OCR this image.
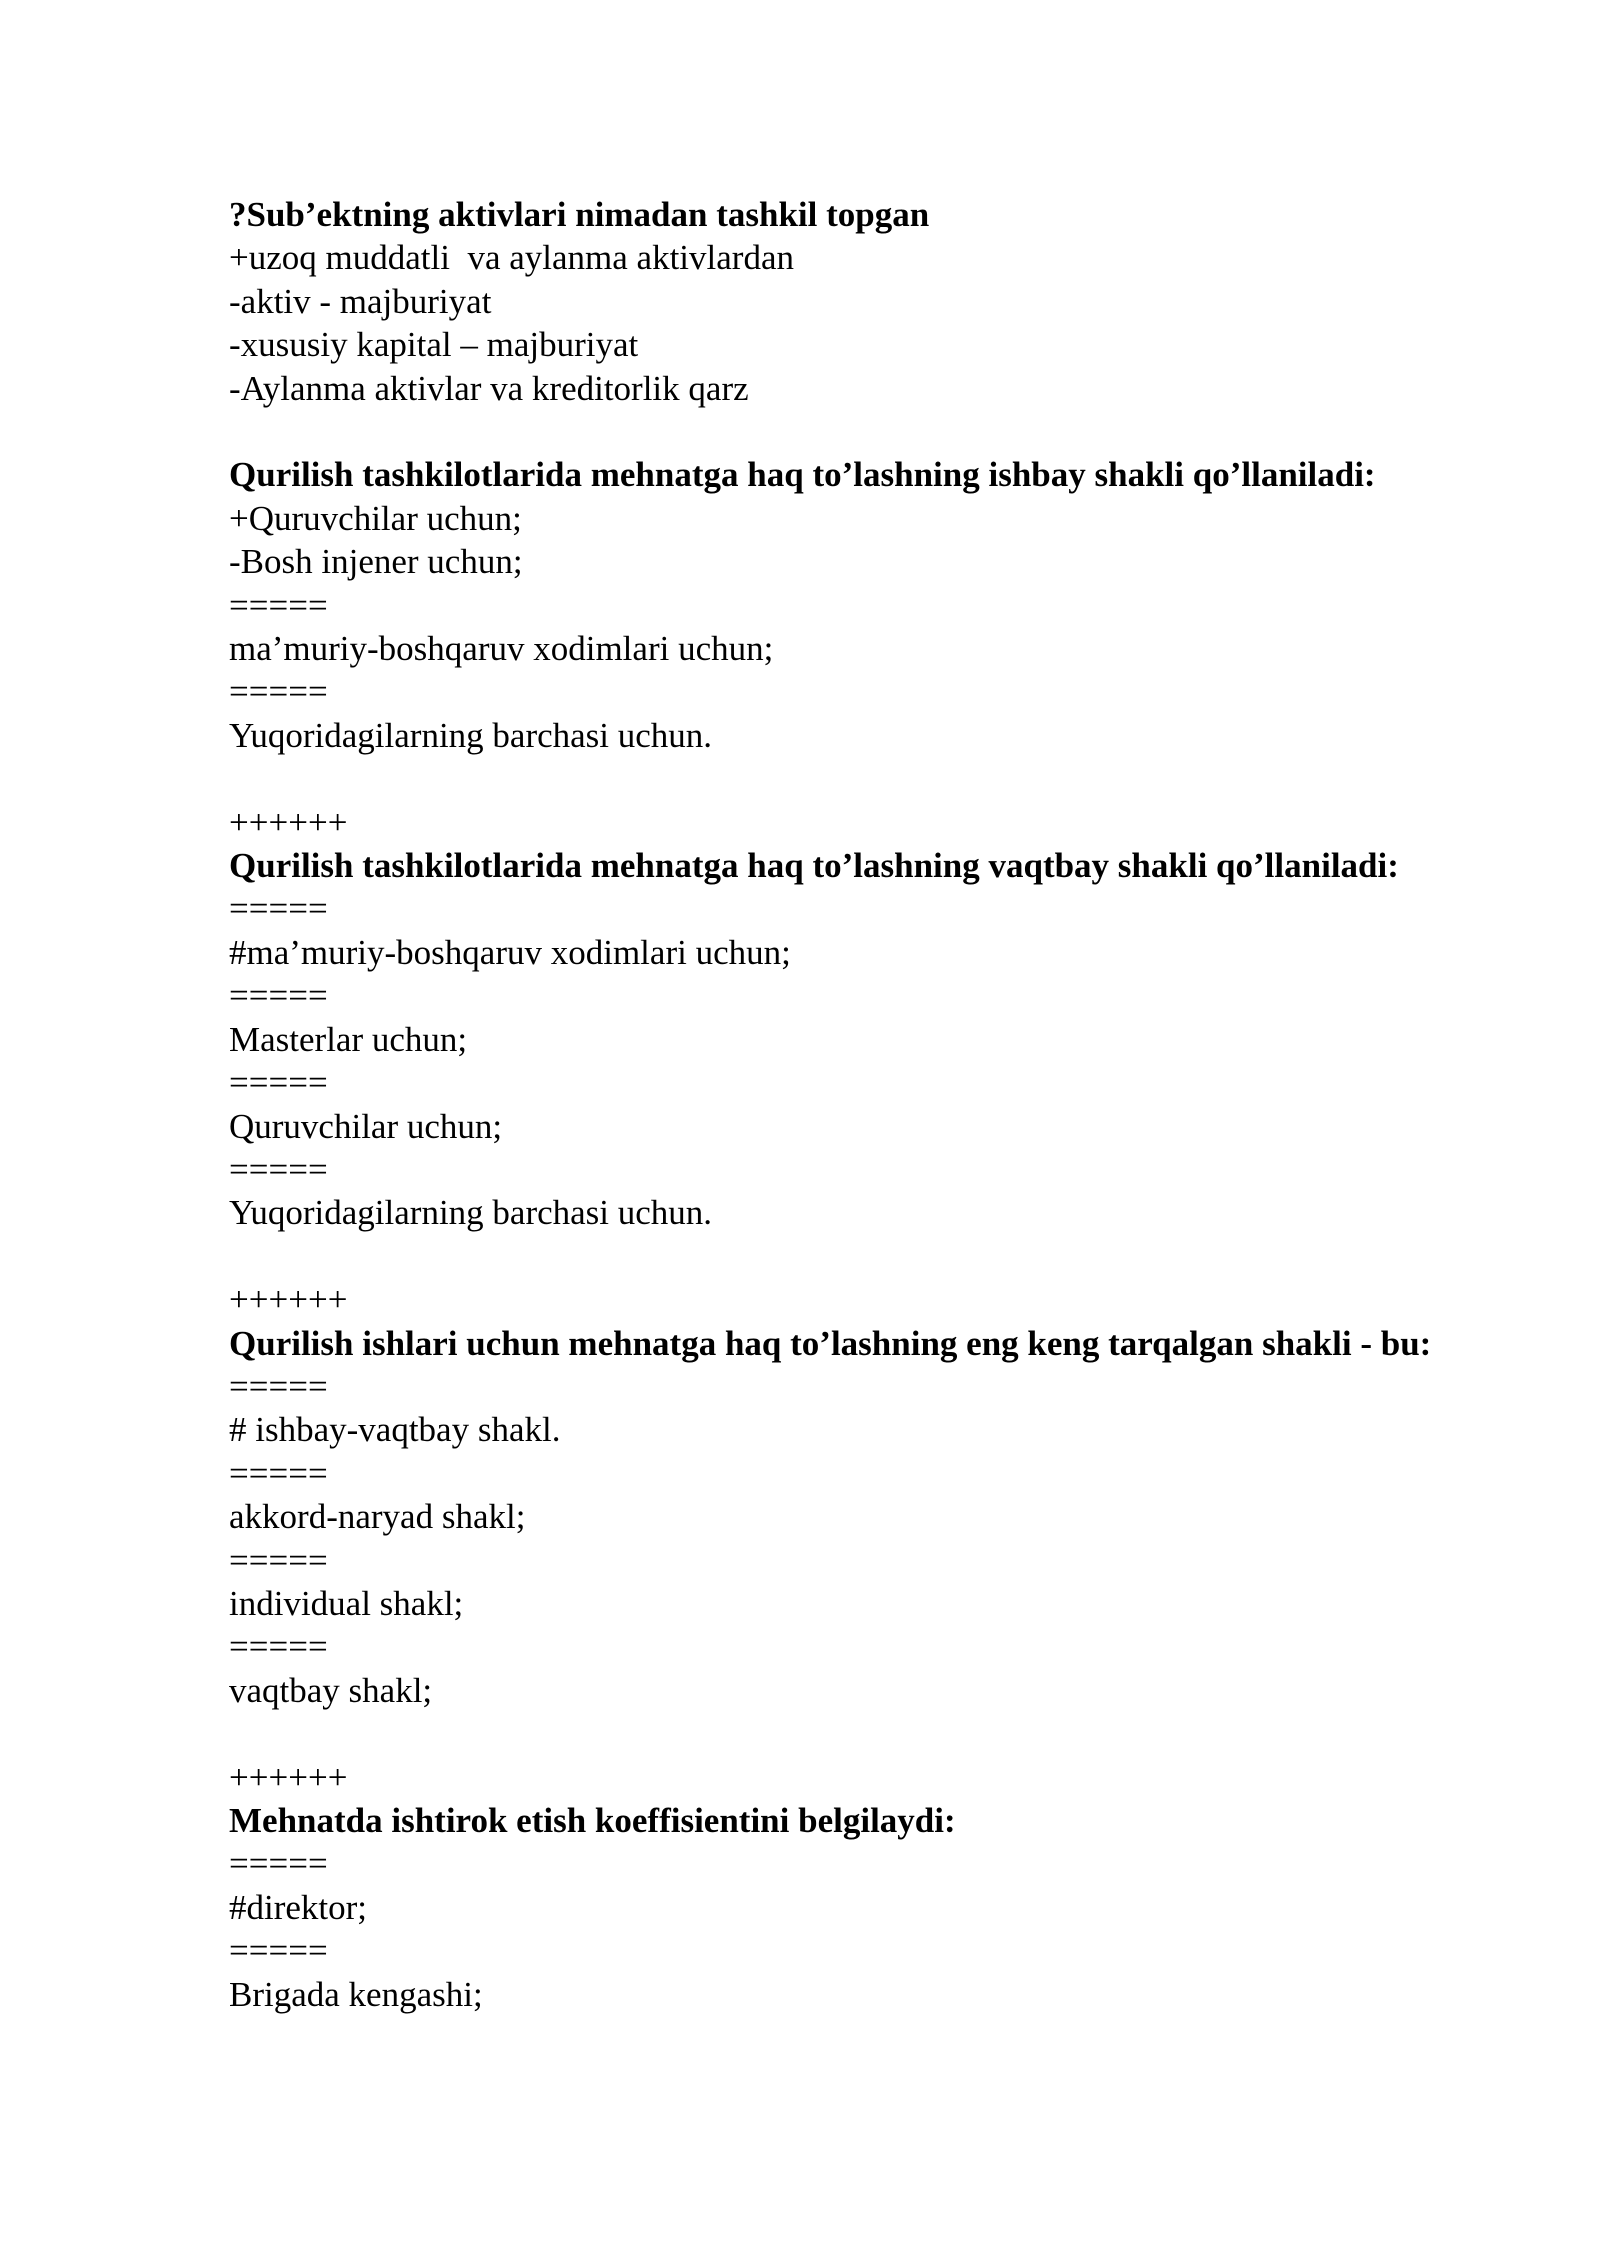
?Sub’ektning aktivlari nimadan tashkil topgan
+uzoq muddatli  va aylanma aktivlardan
-aktiv - majburiyat
-xususiy kapital – majburiyat
-Aylanma aktivlar va kreditorlik qarz
Qurilish tashkilotlarida mehnatga haq to’lashning ishbay shakli qo’llaniladi:
+Quruvchilar uchun;
-Bosh injener uchun;
=====
ma’muriy-boshqaruv xodimlari uchun;
=====
Yuqoridagilarning barchasi uchun.
++++++
Qurilish tashkilotlarida mehnatga haq to’lashning vaqtbay shakli qo’llaniladi:
=====
#ma’muriy-boshqaruv xodimlari uchun;
=====
Masterlar uchun;
=====
Quruvchilar uchun;
=====
Yuqoridagilarning barchasi uchun.
++++++
Qurilish ishlari uchun mehnatga haq to’lashning eng keng tarqalgan shakli - bu:
=====
# ishbay-vaqtbay shakl.
=====
akkord-naryad shakl;
=====
individual shakl;
=====
vaqtbay shakl;
++++++
Mehnatda ishtirok etish koeffisientini belgilaydi:
=====
#direktor;
=====
Brigada kengashi;
